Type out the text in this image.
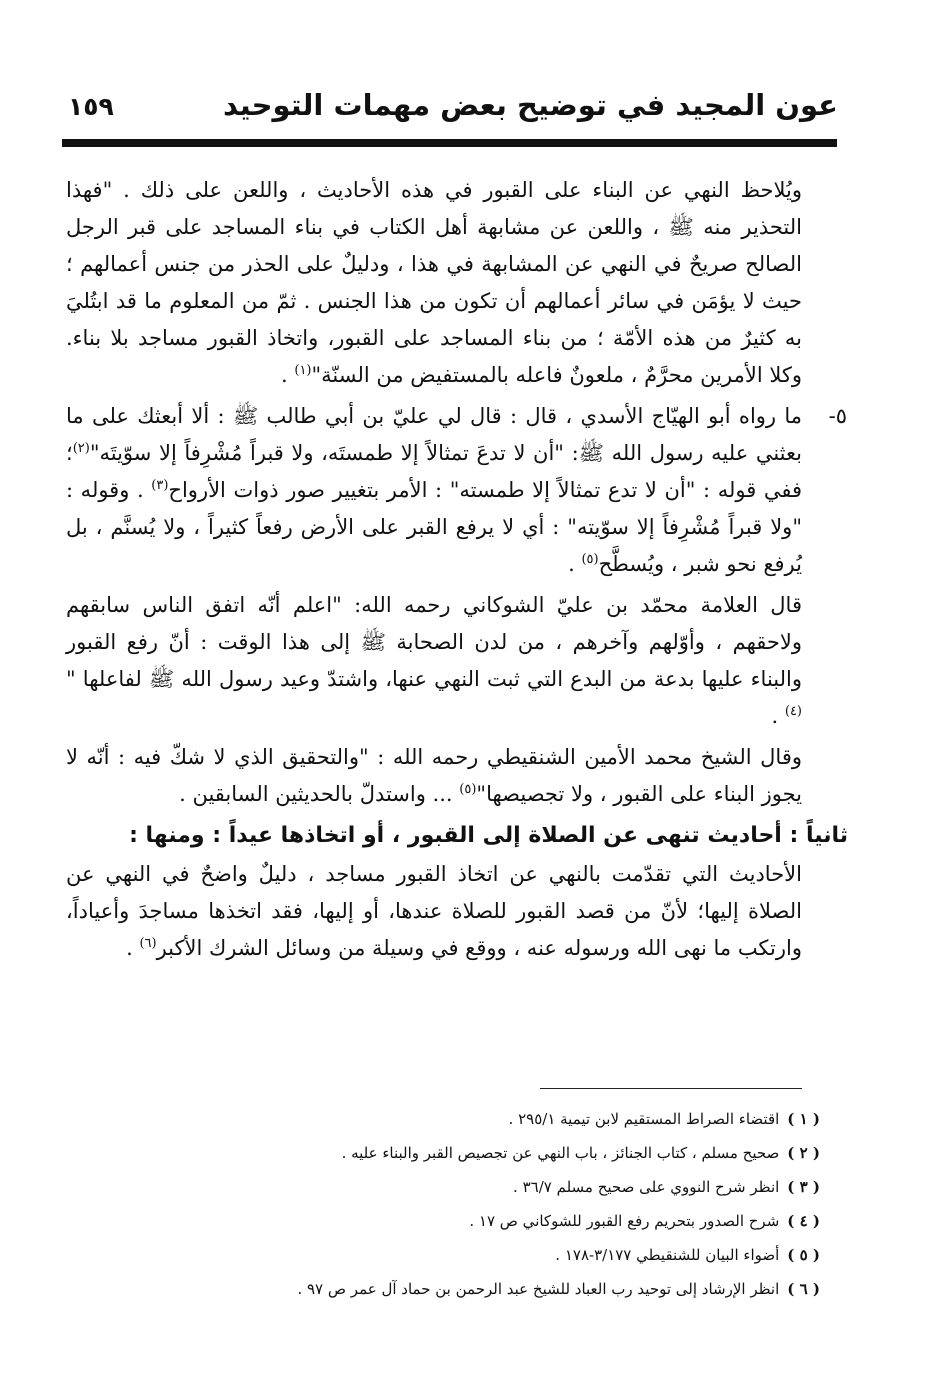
عون المجيد في توضيح بعض مهمات التوحيد
١٥٩

ويُلاحظ النهي عن البناء على القبور في هذه الأحاديث ، واللعن على ذلك . "فهذا التحذير منه ﷺ ، واللعن عن مشابهة أهل الكتاب في بناء المساجد على قبر الرجل الصالح صريحٌ في النهي عن المشابهة في هذا ، ودليلٌ على الحذر من جنس أعمالهم ؛ حيث لا يؤمَن في سائر أعمالهم أن تكون من هذا الجنس . ثمّ من المعلوم ما قد ابتُليَ به كثيرٌ من هذه الأمّة ؛ من بناء المساجد على القبور، واتخاذ القبور مساجد بلا بناء. وكلا الأمرين محرَّمٌ ، ملعونٌ فاعله بالمستفيض من السنّة"$^{(١)}$ .

٥-
ما رواه أبو الهيّاج الأسدي ، قال : قال لي عليّ بن أبي طالب ﷺ : ألا أبعثك على ما بعثني عليه رسول الله ﷺ: "أن لا تدعَ تمثالاً إلا طمستَه، ولا قبراً مُشْرِفاً إلا سوّيتَه"$^{(٢)}$؛ ففي قوله : "أن لا تدع تمثالاً إلا طمسته" : الأمر بتغيير صور ذوات الأرواح$^{(٣)}$ . وقوله : "ولا قبراً مُشْرِفاً إلا سوّيته" : أي لا يرفع القبر على الأرض رفعاً كثيراً ، ولا يُسنَّم ، بل يُرفع نحو شبر ، ويُسطَّح$^{(٥)}$ .

قال العلامة محمّد بن عليّ الشوكاني رحمه الله: "اعلم أنّه اتفق الناس سابقهم ولاحقهم ، وأوّلهم وآخرهم ، من لدن الصحابة ﷺ إلى هذا الوقت : أنّ رفع القبور والبناء عليها بدعة من البدع التي ثبت النهي عنها، واشتدّ وعيد رسول الله ﷺ لفاعلها "$^{(٤)}$ .

وقال الشيخ محمد الأمين الشنقيطي رحمه الله : "والتحقيق الذي لا شكّ فيه : أنّه لا يجوز البناء على القبور ، ولا تجصيصها"$^{(٥)}$ ... واستدلّ بالحديثين السابقين .

ثانياً : أحاديث تنهى عن الصلاة إلى القبور ، أو اتخاذها عيداً : ومنها :

الأحاديث التي تقدّمت بالنهي عن اتخاذ القبور مساجد ، دليلٌ واضحٌ في النهي عن الصلاة إليها؛ لأنّ من قصد القبور للصلاة عندها، أو إليها، فقد اتخذها مساجدَ وأعياداً، وارتكب ما نهى الله ورسوله عنه ، ووقع في وسيلة من وسائل الشرك الأكبر$^{(٦)}$ .

( ١ )اقتضاء الصراط المستقيم لابن تيمية ٢٩٥/١ .
( ٢ )صحيح مسلم ، كتاب الجنائز ، باب النهي عن تجصيص القبر والبناء عليه .
( ٣ )انظر شرح النووي على صحيح مسلم ٣٦/٧ .
( ٤ )شرح الصدور بتحريم رفع القبور للشوكاني ص ١٧ .
( ٥ )أضواء البيان للشنقيطي ٣/١٧٧-١٧٨ .
( ٦ )انظر الإرشاد إلى توحيد رب العباد للشيخ عبد الرحمن بن حماد آل عمر ص ٩٧ .
